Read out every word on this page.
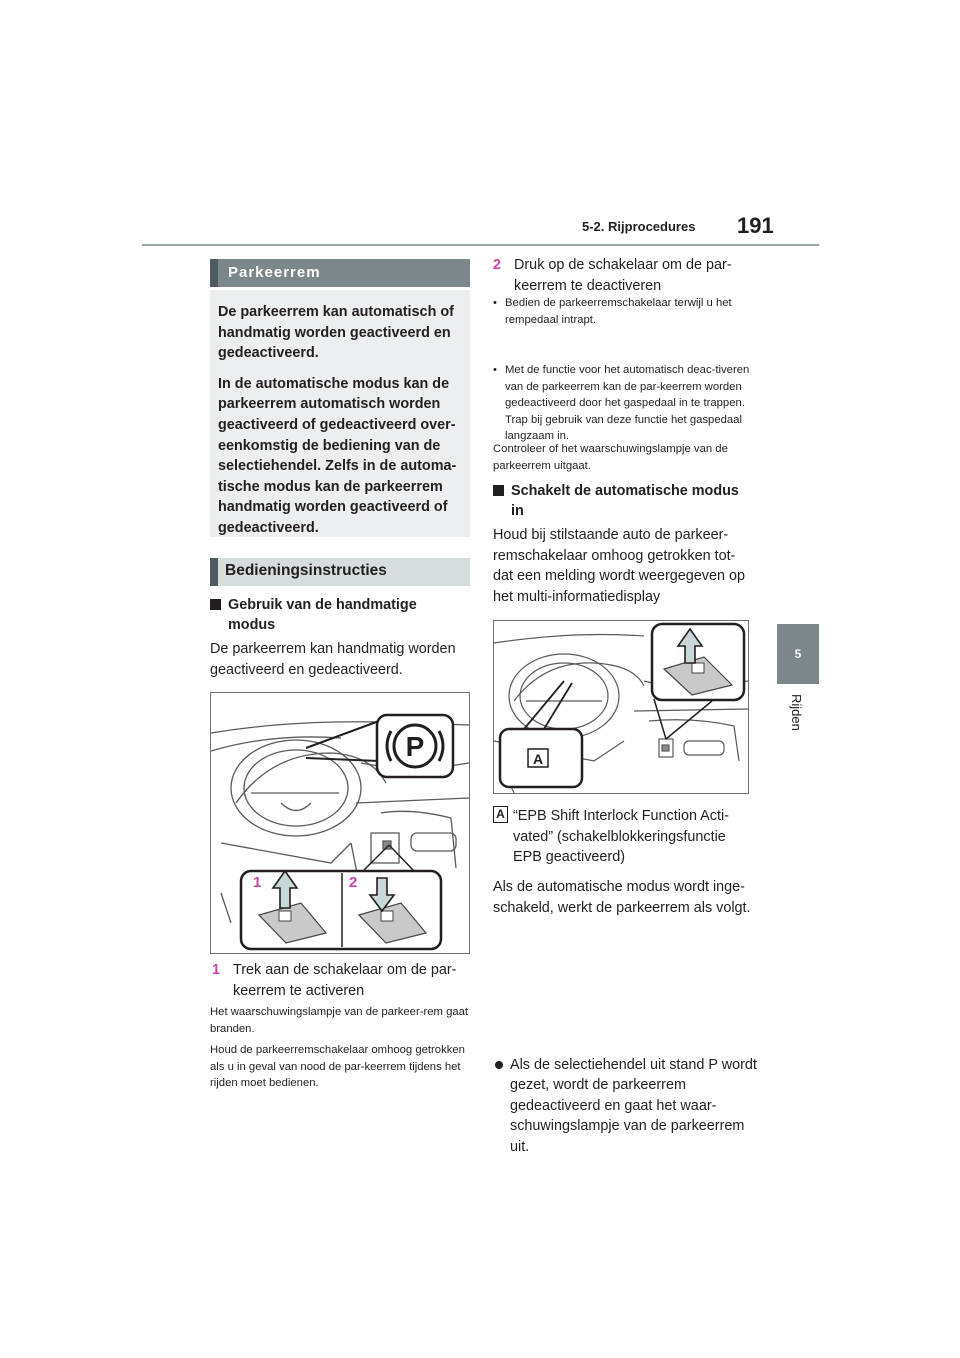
5-2. Rijprocedures 191
5
Rijden
Parkeerrem

De parkeerrem kan automatisch of handmatig worden geactiveerd en gedeactiveerd.

In de automatische modus kan de parkeerrem automatisch worden geactiveerd of gedeactiveerd over-eenkomstig de bediening van de selectiehendel. Zelfs in de automa-tische modus kan de parkeerrem handmatig worden geactiveerd of gedeactiveerd.

Bedieningsinstructies
Gebruik van de handmatige modus
De parkeerrem kan handmatig worden geactiveerd en gedeactiveerd.
P
1	2
1 Trek aan de schakelaar om de par-keerrem te activeren
Het waarschuwingslampje van de parkeer-rem gaat branden.
Houd de parkeerremschakelaar omhoog getrokken als u in geval van nood de par-keerrem tijdens het rijden moet bedienen.
2 Druk op de schakelaar om de par-keerrem te deactiveren
• Bedien de parkeerremschakelaar terwijl u het rempedaal intrapt.
• Met de functie voor het automatisch deac-tiveren van de parkeerrem kan de par-keerrem worden gedeactiveerd door het gaspedaal in te trappen. Trap bij gebruik van deze functie het gaspedaal langzaam in.
Controleer of het waarschuwingslampje van de parkeerrem uitgaat.
Schakelt de automatische modus in
Houd bij stilstaande auto de parkeer-remschakelaar omhoog getrokken tot-dat een melding wordt weergegeven op het multi-informatiedisplay
A
A “EPB Shift Interlock Function Acti-vated” (schakelblokkeringsfunctie EPB geactiveerd)
Als de automatische modus wordt inge-schakeld, werkt de parkeerrem als volgt.
Als de selectiehendel uit stand P wordt gezet, wordt de parkeerrem gedeactiveerd en gaat het waar-schuwingslampje van de parkeerrem uit.
